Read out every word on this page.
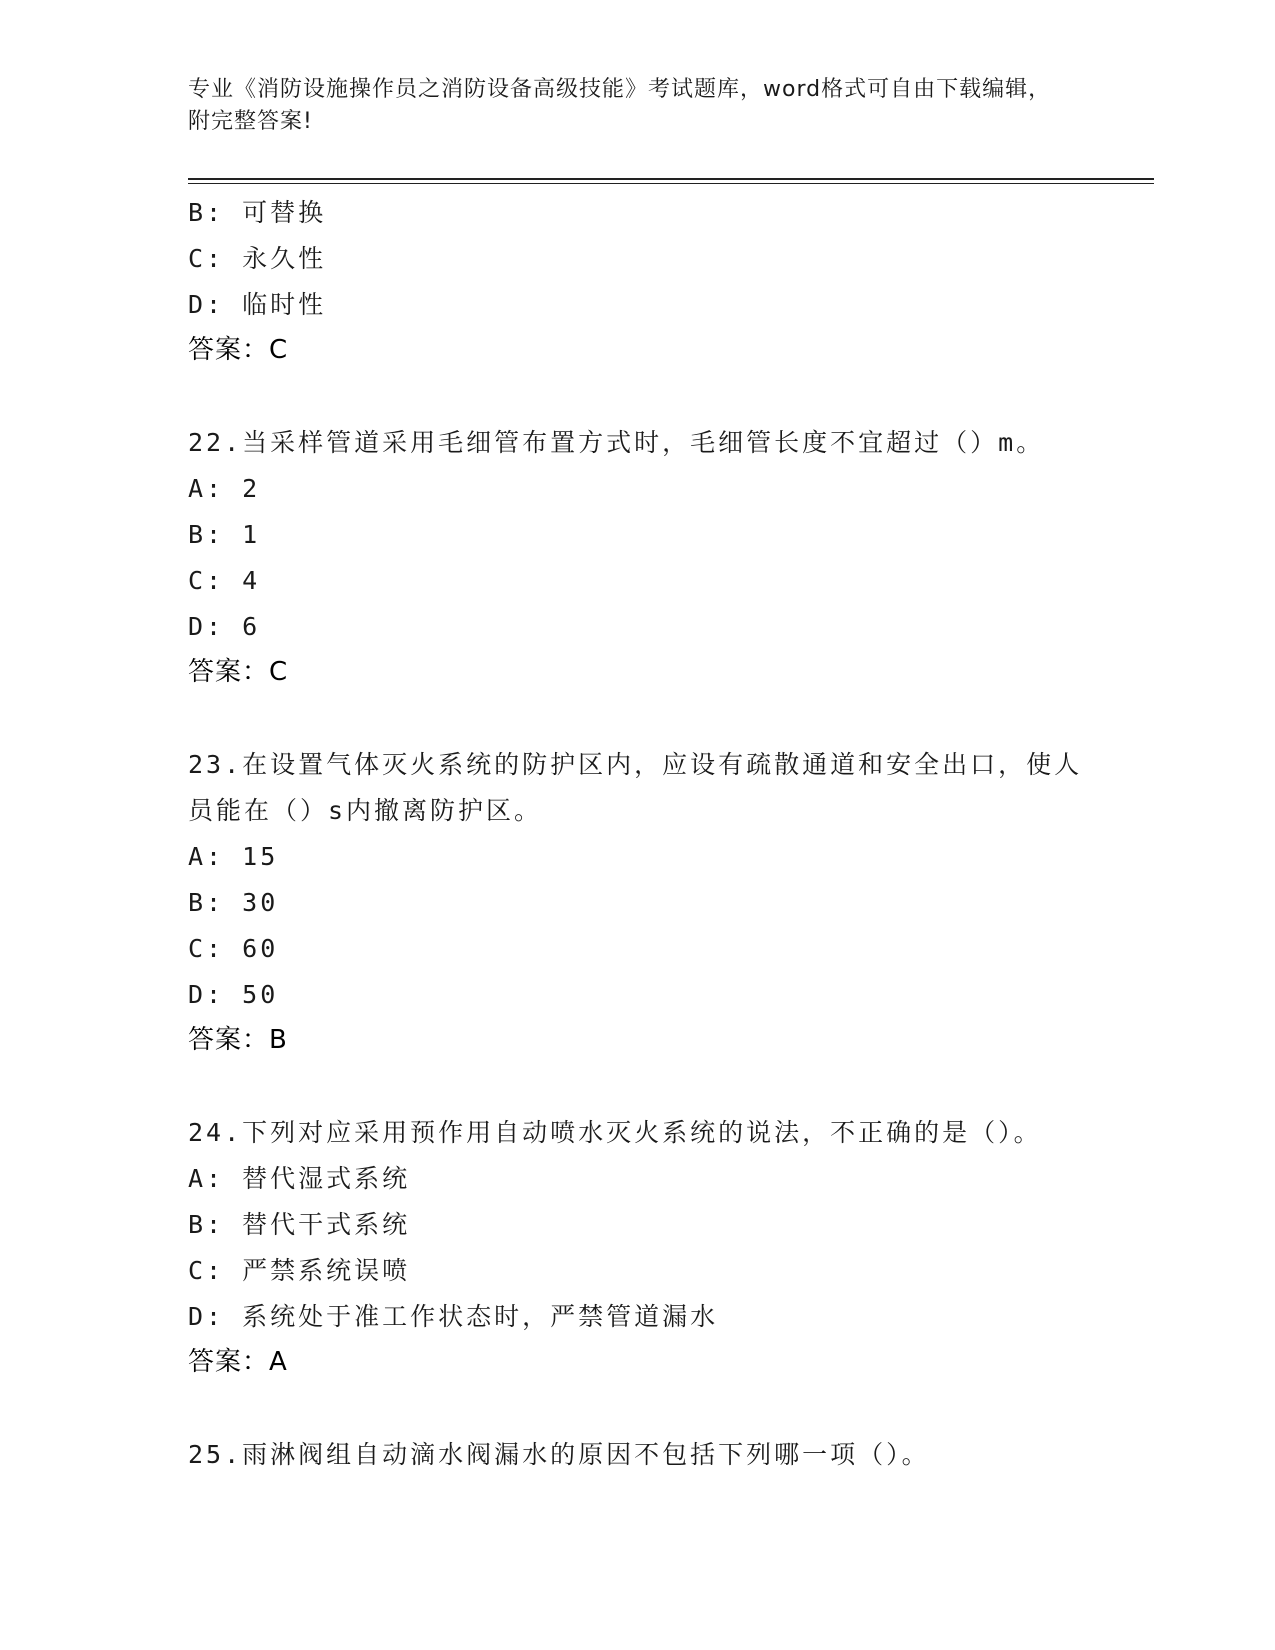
专业《消防设施操作员之消防设备高级技能》考试题库，word格式可自由下载编辑，附完整答案!
B: 可替换
C: 永久性
D: 临时性
答案：C
22.当采样管道采用毛细管布置方式时，毛细管长度不宜超过（）m。
A: 2
B: 1
C: 4
D: 6
答案：C
23.在设置气体灭火系统的防护区内，应设有疏散通道和安全出口，使人员能在（）s内撤离防护区。
A: 15
B: 30
C: 60
D: 50
答案：B
24.下列对应采用预作用自动喷水灭火系统的说法，不正确的是（）。
A: 替代湿式系统
B: 替代干式系统
C: 严禁系统误喷
D: 系统处于准工作状态时，严禁管道漏水
答案：A
25.雨淋阀组自动滴水阀漏水的原因不包括下列哪一项（）。
